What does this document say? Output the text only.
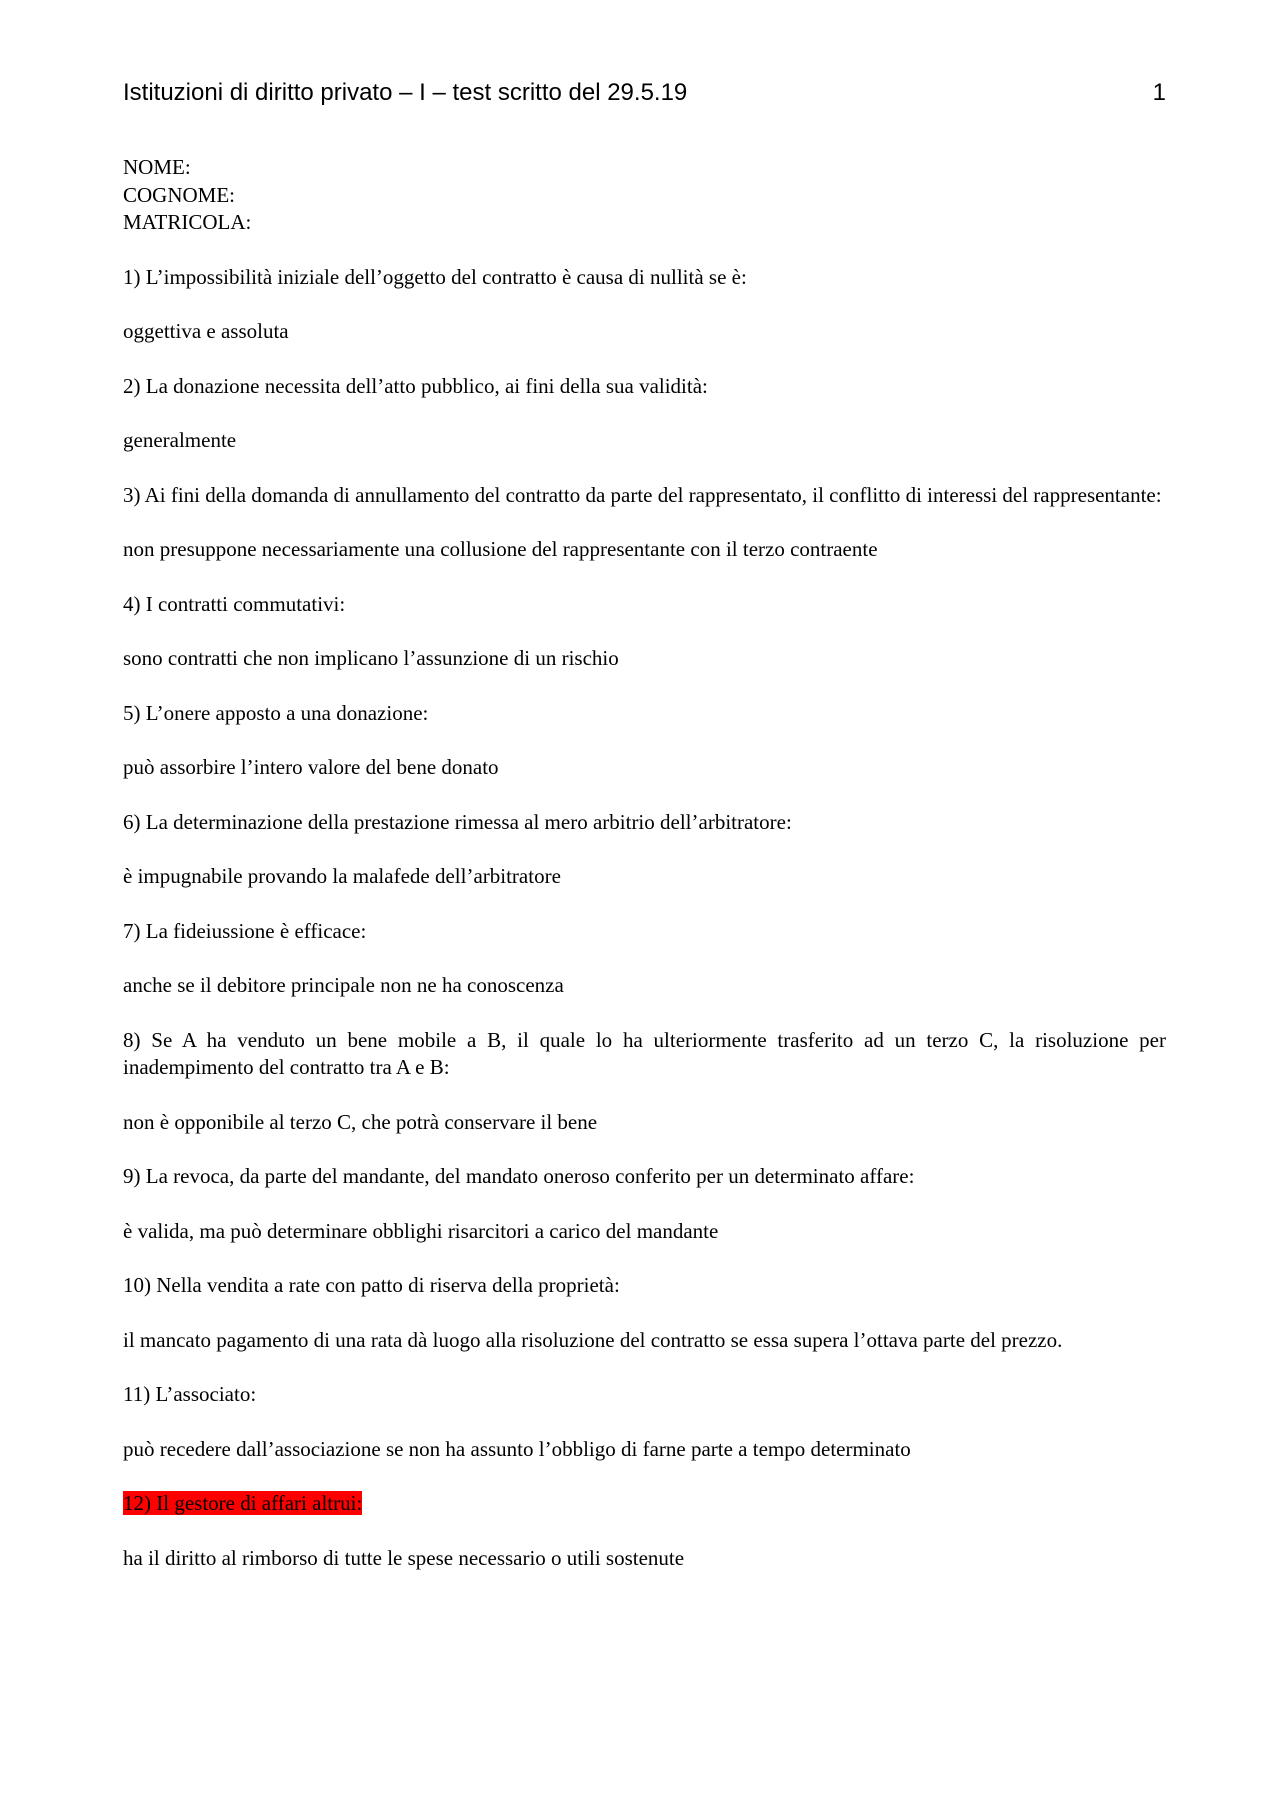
Istituzioni di diritto privato – I – test scritto del 29.5.19	1
NOME:
COGNOME:
MATRICOLA:

1) L’impossibilità iniziale dell’oggetto del contratto è causa di nullità se è:

oggettiva e assoluta

2) La donazione necessita dell’atto pubblico, ai fini della sua validità:

generalmente

3) Ai fini della domanda di annullamento del contratto da parte del rappresentato, il conflitto di interessi del rappresentante:

non presuppone necessariamente una collusione del rappresentante con il terzo contraente

4) I contratti commutativi:

sono contratti che non implicano l’assunzione di un rischio

5) L’onere apposto a una donazione:

può assorbire l’intero valore del bene donato

6) La determinazione della prestazione rimessa al mero arbitrio dell’arbitratore:

è impugnabile provando la malafede dell’arbitratore

7) La fideiussione è efficace:

anche se il debitore principale non ne ha conoscenza

8) Se A ha venduto un bene mobile a B, il quale lo ha ulteriormente trasferito ad un terzo C, la risoluzione per inadempimento del contratto tra A e B:

non è opponibile al terzo C, che potrà conservare il bene

9) La revoca, da parte del mandante, del mandato oneroso conferito per un determinato affare:

è valida, ma può determinare obblighi risarcitori a carico del mandante

10) Nella vendita a rate con patto di riserva della proprietà:

il mancato pagamento di una rata dà luogo alla risoluzione del contratto se essa supera l’ottava parte del prezzo.

11) L’associato:

può recedere dall’associazione se non ha assunto l’obbligo di farne parte a tempo determinato

12) Il gestore di affari altrui:

ha il diritto al rimborso di tutte le spese necessario o utili sostenute
